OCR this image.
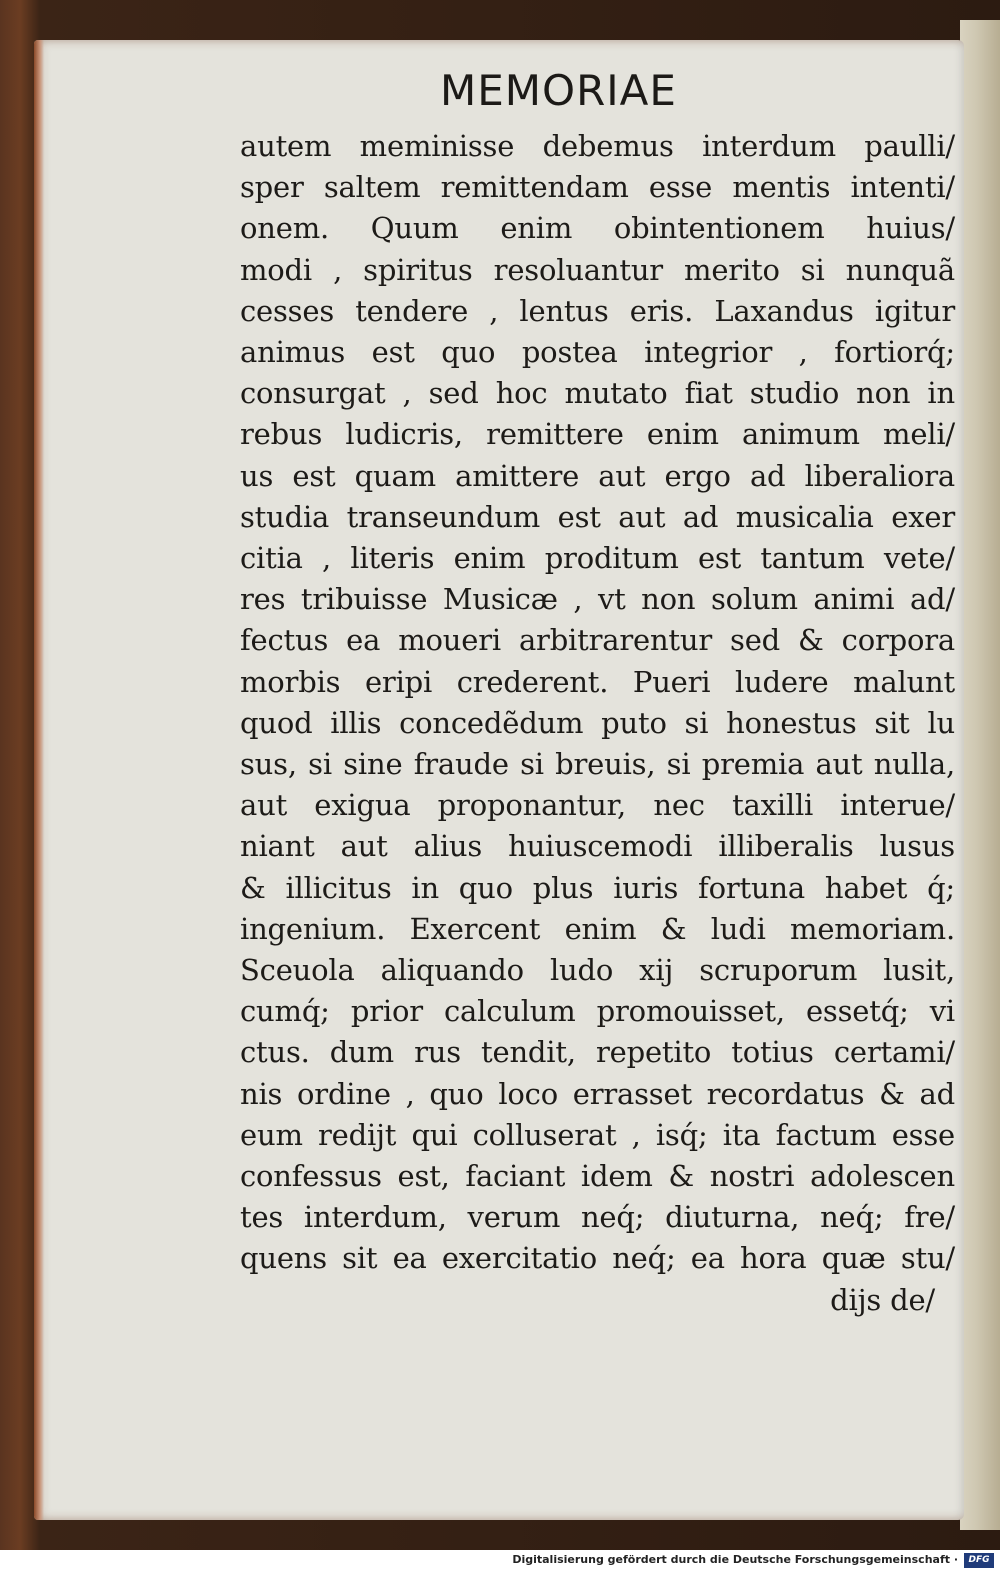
MEMORIAE
autem meminisse debemus interdum paulli/
sper saltem remittendam esse mentis intenti/
onem. Quum enim obintentionem huius/
modi , spiritus resoluantur merito si nunquã
cesses tendere , lentus eris. Laxandus igitur
animus est quo postea integrior , fortiorq́;
consurgat , sed hoc mutato fiat studio non in
rebus ludicris, remittere enim animum meli/
us est quam amittere aut ergo ad liberaliora
studia transeundum est aut ad musicalia exer
citia , literis enim proditum est tantum vete/
res tribuisse Musicæ , vt non solum animi ad/
fectus ea moueri arbitrarentur sed & corpora
morbis eripi crederent. Pueri ludere malunt
quod illis concedẽdum puto si honestus sit lu
sus, si sine fraude si breuis, si premia aut nulla,
aut exigua proponantur, nec taxilli interue/
niant aut alius huiuscemodi illiberalis lusus
& illicitus in quo plus iuris fortuna habet q́;
ingenium. Exercent enim & ludi memoriam.
Sceuola aliquando ludo xij scruporum lusit,
cumq́; prior calculum promouisset, essetq́; vi
ctus. dum rus tendit, repetito totius certami/
nis ordine , quo loco errasset recordatus & ad
eum redijt qui colluserat , isq́; ita factum esse
confessus est, faciant idem & nostri adolescen
tes interdum, verum neq́; diuturna, neq́; fre/
quens sit ea exercitatio neq́; ea hora quæ stu/
dijs de/
Digitalisierung gefördert durch die Deutsche Forschungsgemeinschaft ·	DFG
